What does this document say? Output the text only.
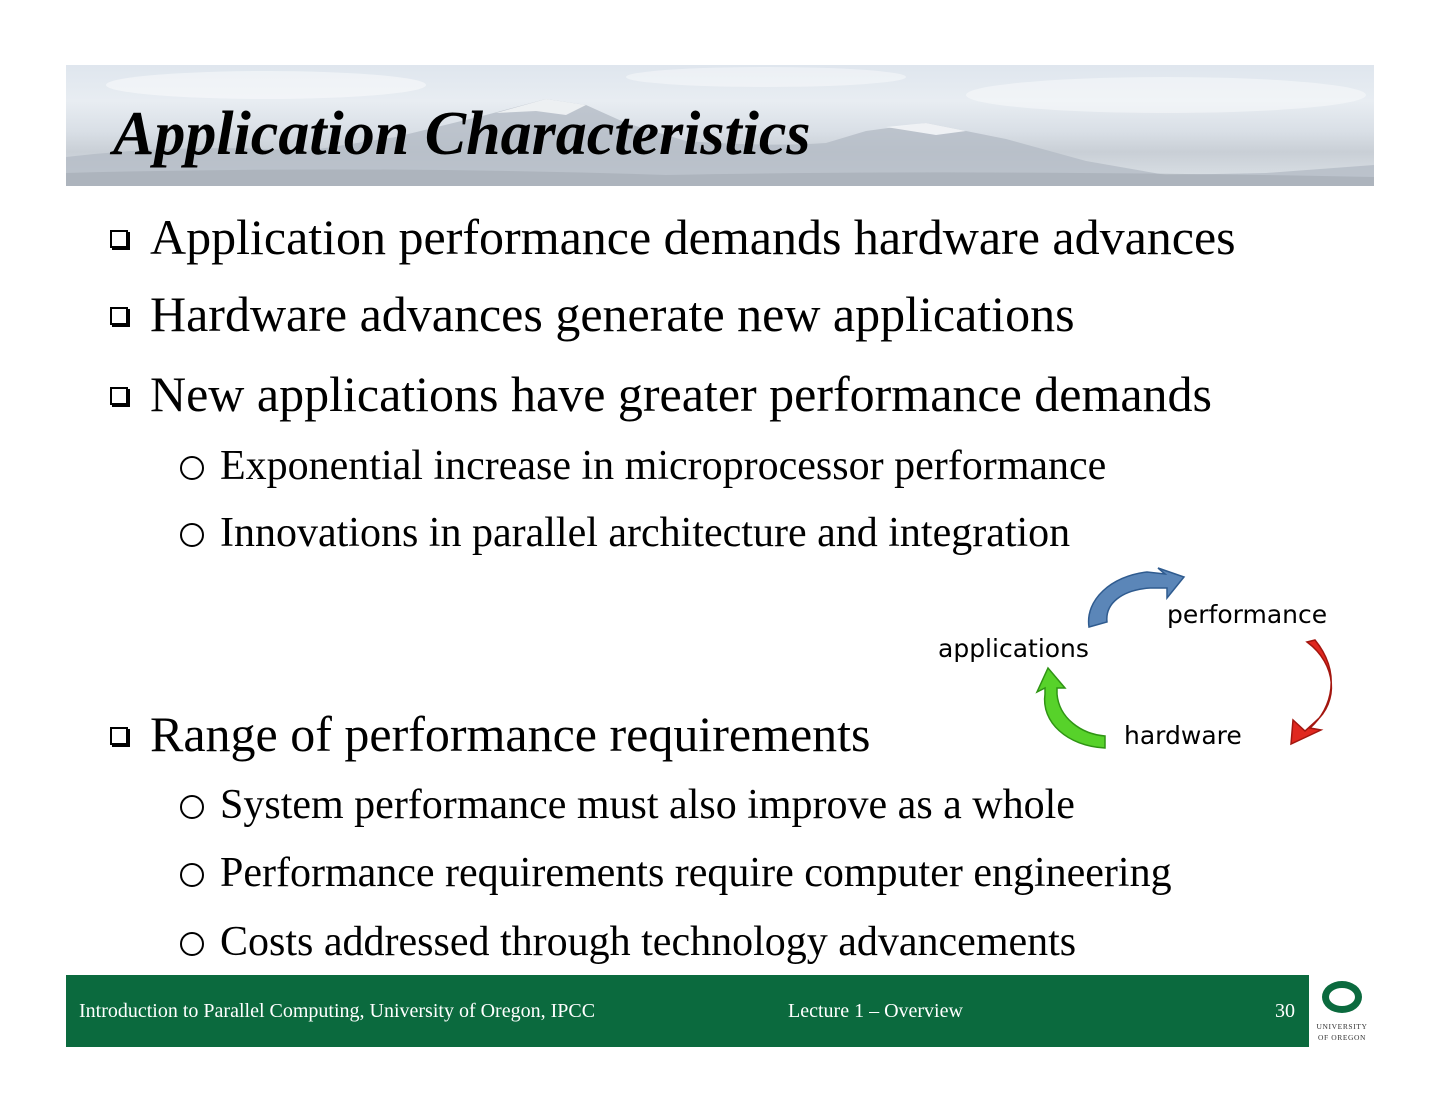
Application Characteristics
Application performance demands hardware advances
Hardware advances generate new applications
New applications have greater performance demands
Exponential increase in microprocessor performance
Innovations in parallel architecture and integration
Range of performance requirements
System performance must also improve as a whole
Performance requirements require computer engineering
Costs addressed through technology advancements
applications
performance
hardware
Introduction to Parallel Computing, University of Oregon, IPCC	Lecture 1 – Overview	30
UNIVERSITY
OF OREGON
